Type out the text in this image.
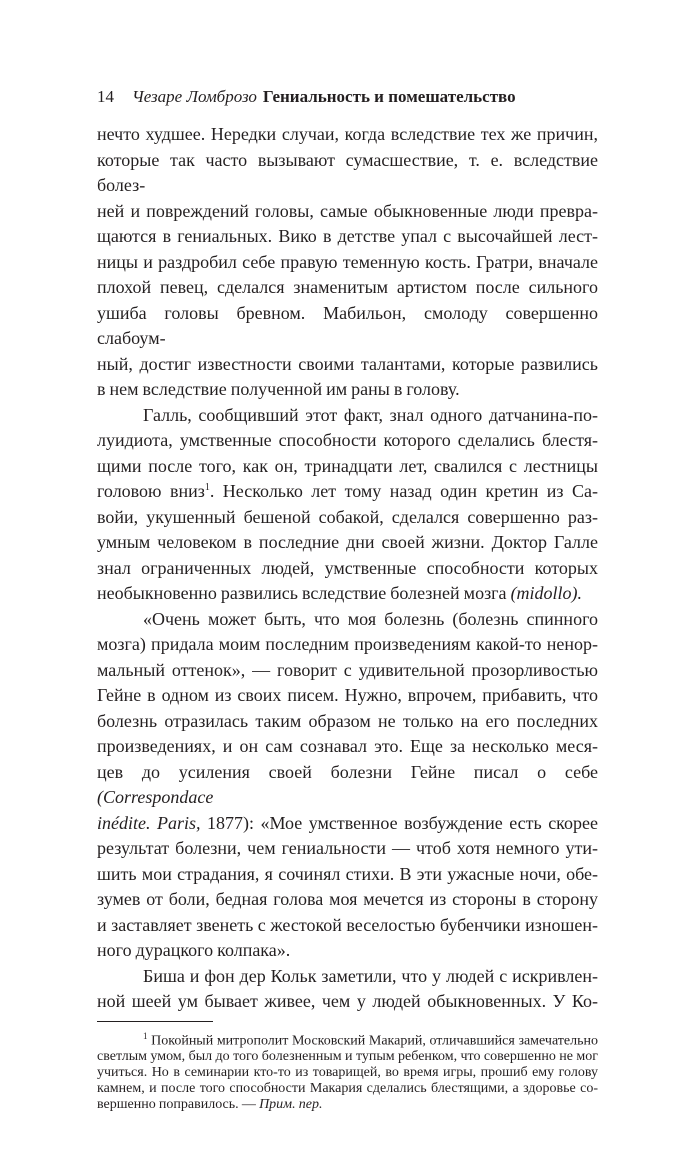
14 Чезаре Ломброзо Гениальность и помешательство
нечто худшее. Нередки случаи, когда вследствие тех же причин,
которые так часто вызывают сумасшествие, т. е. вследствие болез-
ней и повреждений головы, самые обыкновенные люди превра-
щаются в гениальных. Вико в детстве упал с высочайшей лест-
ницы и раздробил себе правую теменную кость. Гратри, вначале
плохой певец, сделался знаменитым артистом после сильного
ушиба головы бревном. Мабильон, смолоду совершенно слабоум-
ный, достиг известности своими талантами, которые развились
в нем вследствие полученной им раны в голову.
Галль, сообщивший этот факт, знал одного датчанина-по-
луидиота, умственные способности которого сделались блестя-
щими после того, как он, тринадцати лет, свалился с лестницы
головою вниз$^1$. Несколько лет тому назад один кретин из Са-
войи, укушенный бешеной собакой, сделался совершенно раз-
умным человеком в последние дни своей жизни. Доктор Галле
знал ограниченных людей, умственные способности которых
необыкновенно развились вследствие болезней мозга (midollo).
«Очень может быть, что моя болезнь (болезнь спинного
мозга) придала моим последним произведениям какой-то ненор-
мальный оттенок», — говорит с удивительной прозорливостью
Гейне в одном из своих писем. Нужно, впрочем, прибавить, что
болезнь отразилась таким образом не только на его последних
произведениях, и он сам сознавал это. Еще за несколько меся-
цев до усиления своей болезни Гейне писал о себе (Correspondace
inédite. Paris, 1877): «Мое умственное возбуждение есть скорее
результат болезни, чем гениальности — чтоб хотя немного ути-
шить мои страдания, я сочинял стихи. В эти ужасные ночи, обе-
зумев от боли, бедная голова моя мечется из стороны в сторону
и заставляет звенеть с жестокой веселостью бубенчики изношен-
ного дурацкого колпака».
Биша и фон дер Кольк заметили, что у людей с искривлен-
ной шеей ум бывает живее, чем у людей обыкновенных. У Ко-
$^1$ Покойный митрополит Московский Макарий, отличавшийся замечательно
светлым умом, был до того болезненным и тупым ребенком, что совершенно не мог
учиться. Но в семинарии кто-то из товарищей, во время игры, прошиб ему голову
камнем, и после того способности Макария сделались блестящими, а здоровье со-
вершенно поправилось. — Прим. пер.
